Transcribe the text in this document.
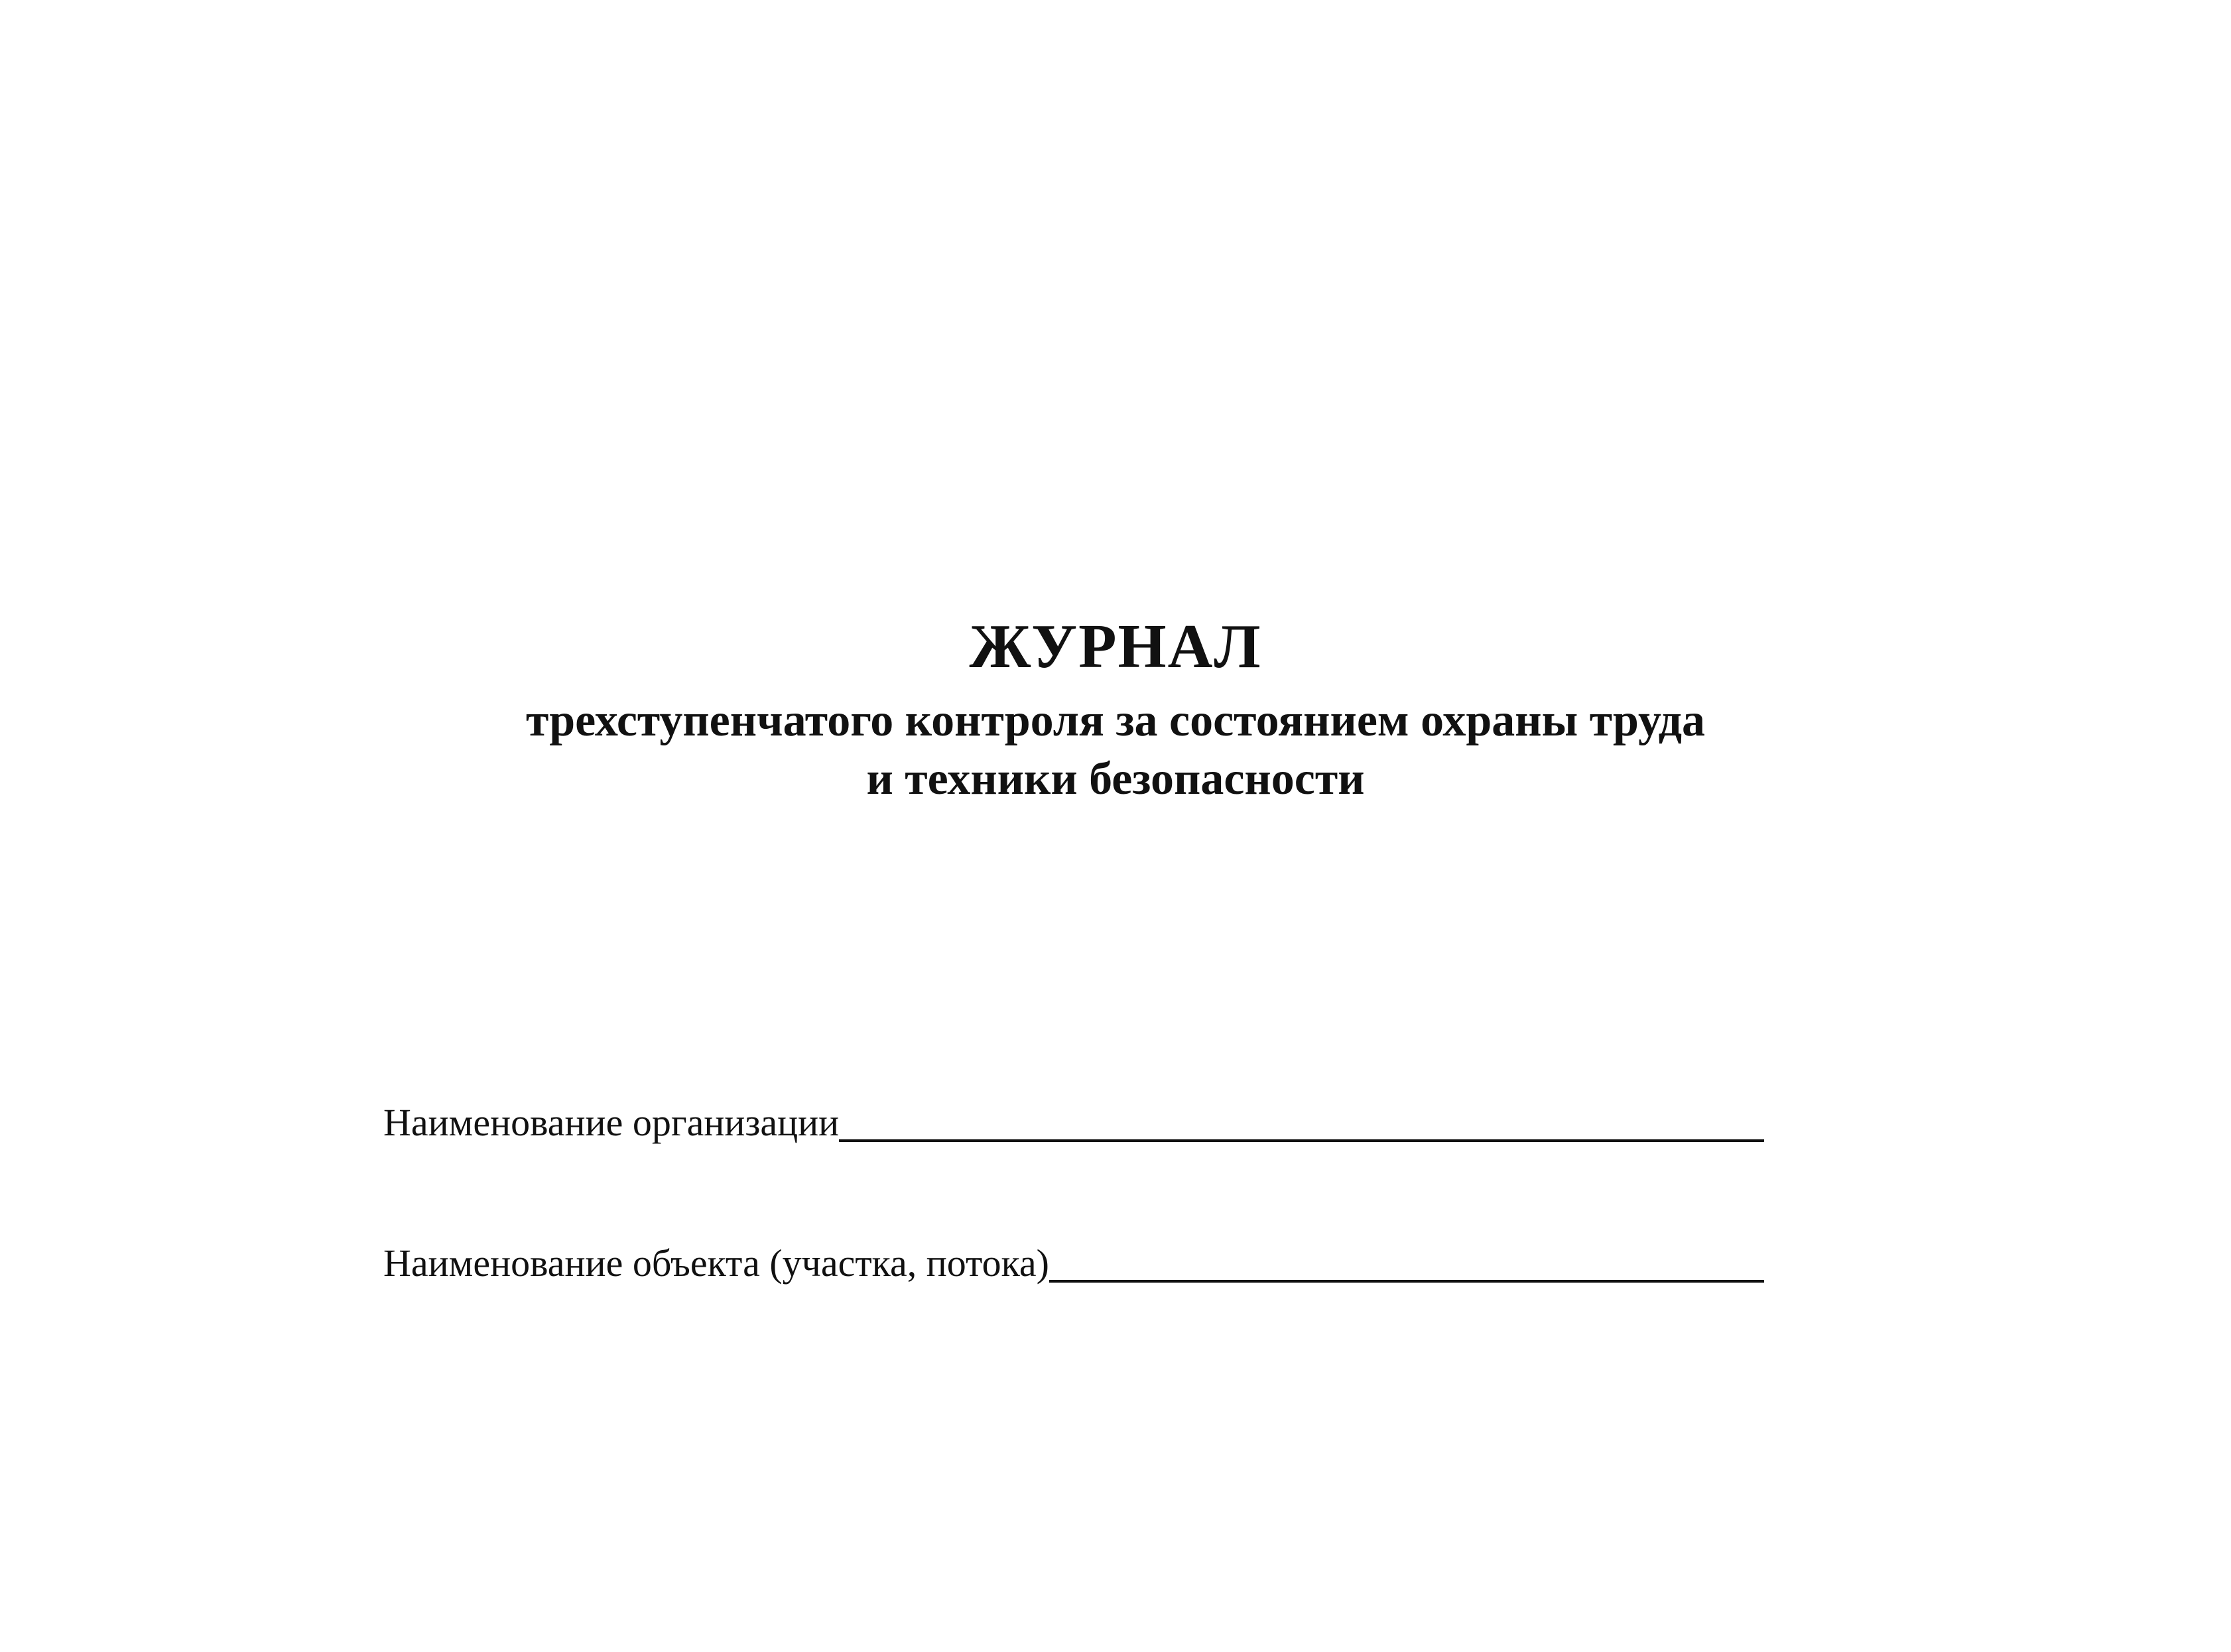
ЖУРНАЛ
трехступенчатого контроля за состоянием охраны труда
и техники безопасности
Наименование организации
Наименование объекта (участка, потока)
